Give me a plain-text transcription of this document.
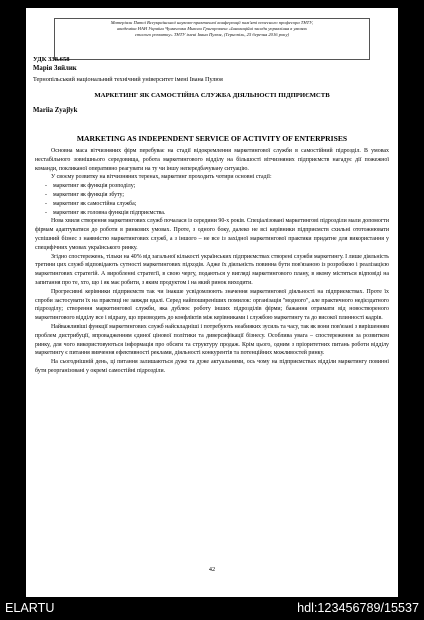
Матеріали Пятої Всеукраїнської науково-практичної конференції пам'яті почесного професора ТНТУ,
академіка НАН України Чумаченка Миколи Григоровича «Інноваційні засади управління в умовах
сталого розвитку» ТНТУ імені Івана Пулюя, (Тернопіль, 25 березня 2016 року)
УДК 338.658
Марія Зяйлик
Тернопільський національний технічний університет імені Івана Пулюя
МАРКЕТИНГ ЯК САМОСТІЙНА СЛУЖБА ДІЯЛЬНОСТІ ПІДПРИЄМСТВ
Mariia Zyajlyk
MARKETING AS INDEPENDENT SERVICE OF ACTIVITY OF ENTERPRISES

Основна маса вітчизняних фірм перебуває на стадії відокремлення маркетингової служби в самостійний підрозділ. В умовах нестабільного зовнішнього середовища, робота маркетингового відділу на більшості вітчизняних підприємств нагадує дії пожежної команди, покликаної оперативно реагувати на ту чи іншу непередбачувану ситуацію.

У своєму розвитку на вітчизняних теренах, маркетинг проходить чотири основні стадії:

- маркетинг як функція розподілу;
- маркетинг як функція збуту;
- маркетинг як самостійна служба;
- маркетинг як головна функція підприємства.

Нова хвиля створення маркетингових служб почалася із середини 90-х років. Спеціалізовані маркетингові підрозділи мали допомогти фірмам адаптуватися до роботи в ринкових умовах. Проте, з одного боку, далеко не всі керівники підприємств схильні ототожнювати успішний бізнес з наявністю маркетингових служб, а з іншого – не все із західної маркетингової практики придатне для використання у специфічних умовах українського ринку.

Згідно спостережень, тільки на 40% від загальної кількості українських підприємствах створені служби маркетингу. І лише діяльність третини цих служб відповідають сутності маркетингових підходів. Адже їх діяльність повинна бути пов'язаною із розробкою і реалізацією маркетингових стратегій. А виробленні стратегії, в свою чергу, подаються у вигляді маркетингового плану, в якому містяться відповіді на запитання про те, хто, що і як має робити, з яким продуктом і на який ринок виходити.

Прогресивні керівники підприємств так чи інакше усвідомлюють значення маркетингової діяльності на підприємствах. Проте їх спроби застосувати їх на практиці не завжди вдалі. Серед найпоширеніших помилок: організація "модного", але практичного недієздатного підрозділу; створення маркетингової служби, яка дублює роботу інших підрозділів фірми; бажання отримати від новоствореного маркетингового відділу все і відразу, що призводить до конфліктів між керівниками і службою маркетингу та до високої плинності кадрів.

Найважливіші функції маркетингових служб найскладніші і потребують неабияких зусиль та часу, так як вони пов'язані з вирішенням проблем дистрибуції, впровадженням єдиної цінової політики та диверсифікації бізнесу. Особлива увага – спостереження за розвитком ринку, для чого використовуються інформація про обсяги та структуру продаж. Крім цього, одним з пріоритетних питань роботи відділу маркетингу є питання вивчення ефективності реклами, діяльності конкурентів та потенційних можливостей ринку.

На сьогоднішній день, ці питання залишаються дуже та дуже актуальними, ось чому на підприємствах відділи маркетингу повинні бути реорганізовані у окремі самостійні підрозділи.

42
ELARTU	hdl:123456789/15537
